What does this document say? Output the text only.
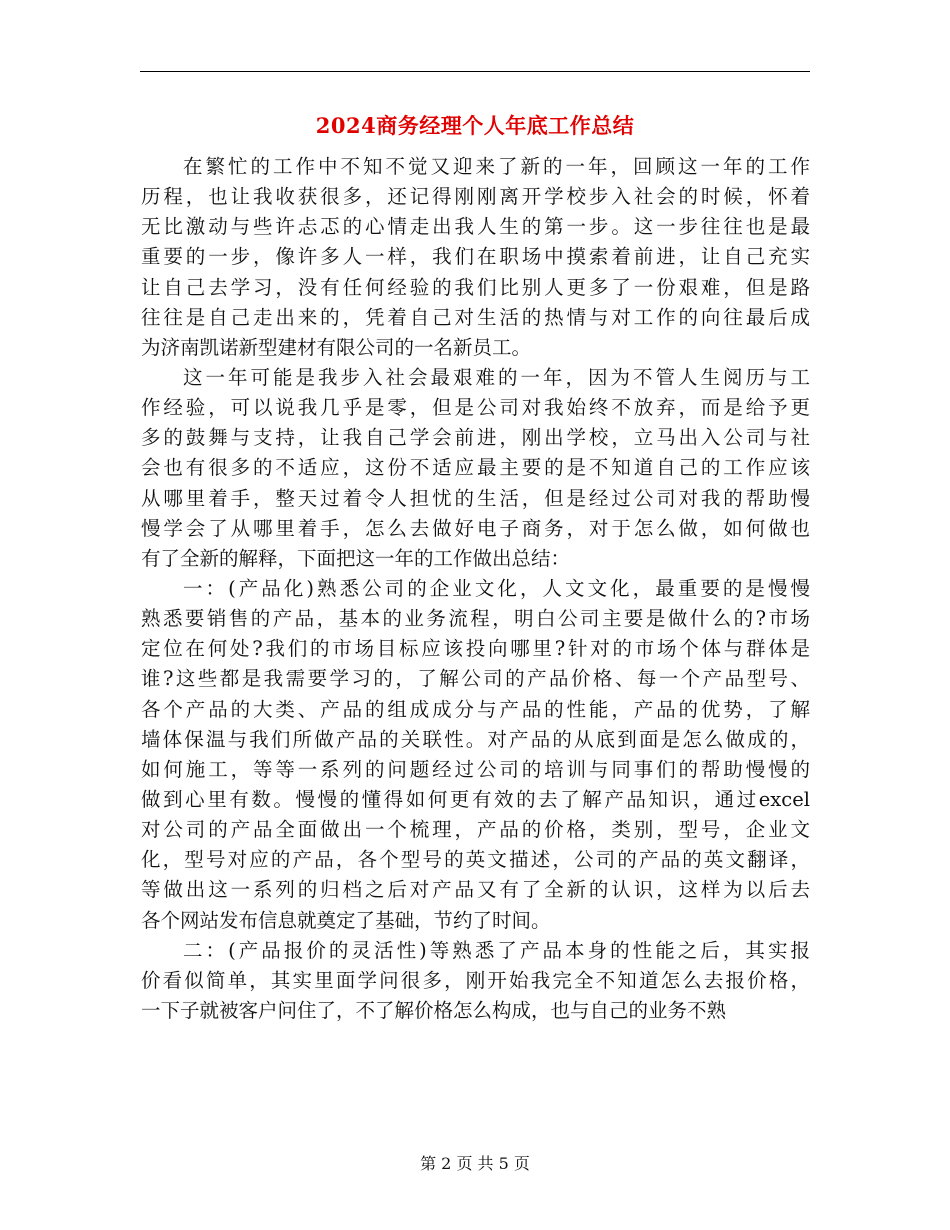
2024商务经理个人年底工作总结
在繁忙的工作中不知不觉又迎来了新的一年，回顾这一年的工作
历程，也让我收获很多，还记得刚刚离开学校步入社会的时候，怀着
无比激动与些许忐忑的心情走出我人生的第一步。这一步往往也是最
重要的一步，像许多人一样，我们在职场中摸索着前进，让自己充实
让自己去学习，没有任何经验的我们比别人更多了一份艰难，但是路
往往是自己走出来的，凭着自己对生活的热情与对工作的向往最后成
为济南凯诺新型建材有限公司的一名新员工。
这一年可能是我步入社会最艰难的一年，因为不管人生阅历与工
作经验，可以说我几乎是零，但是公司对我始终不放弃，而是给予更
多的鼓舞与支持，让我自己学会前进，刚出学校，立马出入公司与社
会也有很多的不适应，这份不适应最主要的是不知道自己的工作应该
从哪里着手，整天过着令人担忧的生活，但是经过公司对我的帮助慢
慢学会了从哪里着手，怎么去做好电子商务，对于怎么做，如何做也
有了全新的解释，下面把这一年的工作做出总结：
一：(产品化)熟悉公司的企业文化，人文文化，最重要的是慢慢
熟悉要销售的产品，基本的业务流程，明白公司主要是做什么的?市场
定位在何处?我们的市场目标应该投向哪里?针对的市场个体与群体是
谁?这些都是我需要学习的，了解公司的产品价格、每一个产品型号、
各个产品的大类、产品的组成成分与产品的性能，产品的优势，了解
墙体保温与我们所做产品的关联性。对产品的从底到面是怎么做成的，
如何施工，等等一系列的问题经过公司的培训与同事们的帮助慢慢的
做到心里有数。慢慢的懂得如何更有效的去了解产品知识，通过excel
对公司的产品全面做出一个梳理，产品的价格，类别，型号，企业文
化，型号对应的产品，各个型号的英文描述，公司的产品的英文翻译，
等做出这一系列的归档之后对产品又有了全新的认识，这样为以后去
各个网站发布信息就奠定了基础，节约了时间。
二：(产品报价的灵活性)等熟悉了产品本身的性能之后，其实报
价看似简单，其实里面学问很多，刚开始我完全不知道怎么去报价格，
一下子就被客户问住了，不了解价格怎么构成，也与自己的业务不熟
第 2 页 共 5 页
